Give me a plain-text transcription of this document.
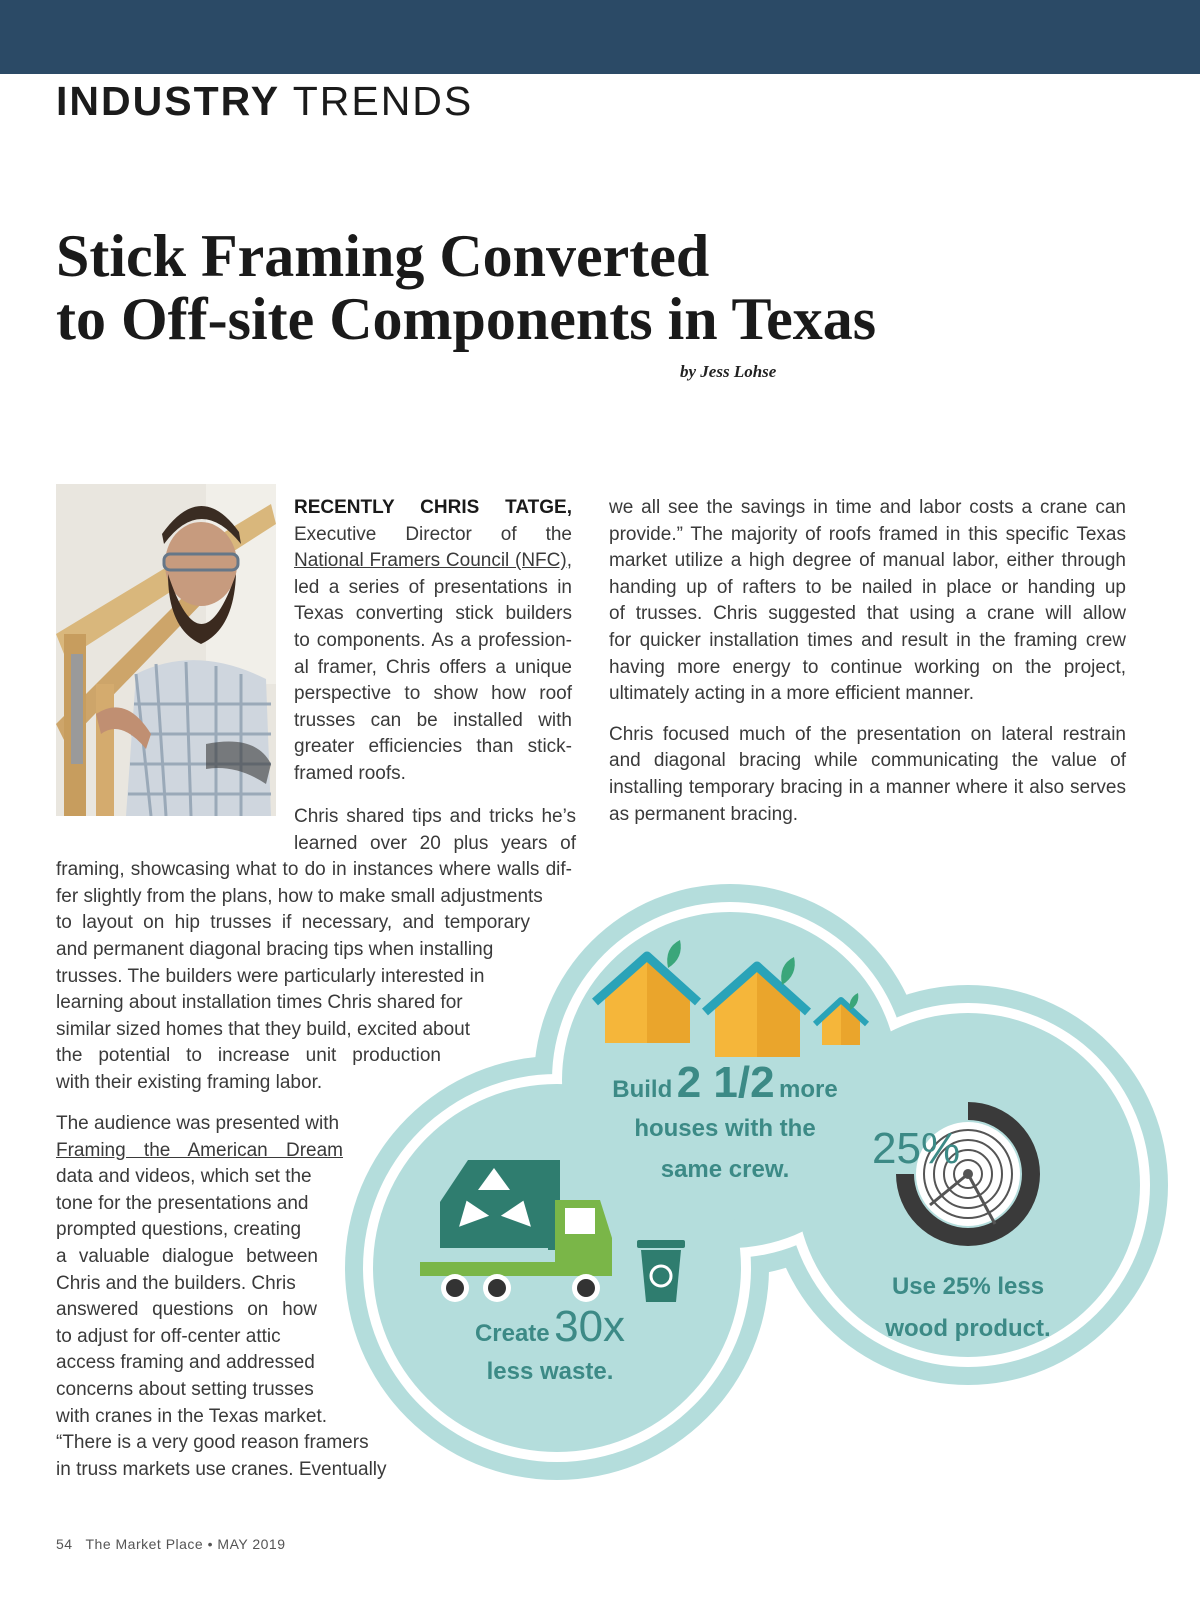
INDUSTRY TRENDS
Stick Framing Converted
to Off-site Components in Texas
by Jess Lohse

RECENTLY CHRIS TATGE,

Executive Director of the

National Framers Council (NFC),

led a series of presentations in

Texas converting stick builders

to components. As a profession-

al framer, Chris offers a unique

perspective to show how roof

trusses can be installed with

greater efficiencies than stick-

framed roofs.

Chris shared tips and tricks he’s

learned over 20 plus years of

framing, showcasing what to do in instances where walls dif-

fer slightly from the plans, how to make small adjustments

to layout on hip trusses if necessary, and temporary

and permanent diagonal bracing tips when installing

trusses. The builders were particularly interested in

learning about installation times Chris shared for

similar sized homes that they build, excited about

the potential to increase unit production

with their existing framing labor.

The audience was presented with

Framing the American Dream

data and videos, which set the

tone for the presentations and

prompted questions, creating

a valuable dialogue between

Chris and the builders. Chris

answered questions on how

to adjust for off-center attic

access framing and addressed

concerns about setting trusses

with cranes in the Texas market.

“There is a very good reason framers

in truss markets use cranes. Eventually

we all see the savings in time and labor costs a crane can

provide.” The majority of roofs framed in this specific Texas

market utilize a high degree of manual labor, either through

handing up of rafters to be nailed in place or handing up

of trusses. Chris suggested that using a crane will allow

for quicker installation times and result in the framing crew

having more energy to continue working on the project,

ultimately acting in a more efficient manner.

Chris focused much of the presentation on lateral restrain

and diagonal bracing while communicating the value of

installing temporary bracing in a manner where it also serves

as permanent bracing.

Build 2 1/2 more
houses with the
same crew.	25%
Use 25% less
wood product.
Create 30x
less waste.
54 The Market Place • MAY 2019
